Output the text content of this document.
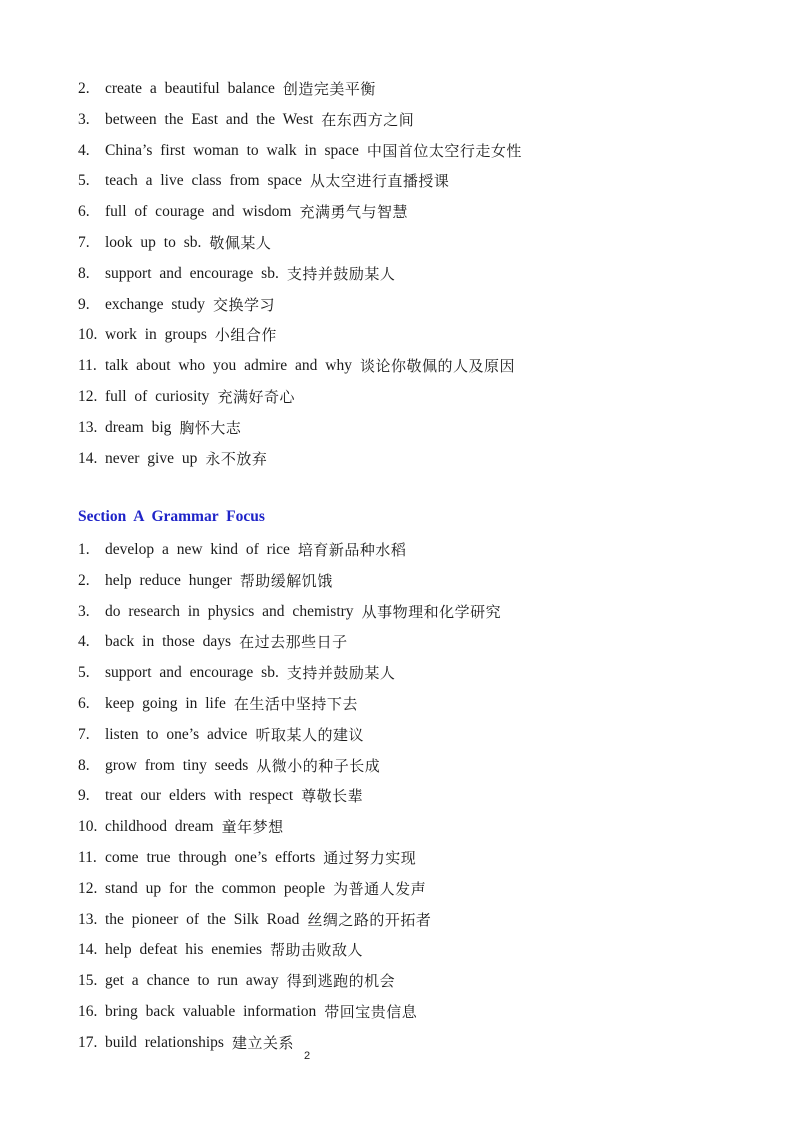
2. create a beautiful balance 创造完美平衡
3. between the East and the West 在东西方之间
4. China’s first woman to walk in space 中国首位太空行走女性
5. teach a live class from space 从太空进行直播授课
6. full of courage and wisdom 充满勇气与智慧
7. look up to sb. 敬佩某人
8. support and encourage sb. 支持并鼓励某人
9. exchange study 交换学习
10. work in groups 小组合作
11. talk about who you admire and why 谈论你敬佩的人及原因
12. full of curiosity 充满好奇心
13. dream big 胸怀大志
14. never give up 永不放弃
Section A Grammar Focus
1. develop a new kind of rice 培育新品种水稻
2. help reduce hunger 帮助缓解饥饿
3. do research in physics and chemistry 从事物理和化学研究
4. back in those days 在过去那些日子
5. support and encourage sb. 支持并鼓励某人
6. keep going in life 在生活中坚持下去
7. listen to one’s advice 听取某人的建议
8. grow from tiny seeds 从微小的种子长成
9. treat our elders with respect 尊敬长辈
10. childhood dream 童年梦想
11. come true through one’s efforts 通过努力实现
12. stand up for the common people 为普通人发声
13. the pioneer of the Silk Road 丝绸之路的开拓者
14. help defeat his enemies 帮助击败敌人
15. get a chance to run away 得到逃跑的机会
16. bring back valuable information 带回宝贵信息
17. build relationships 建立关系
2
